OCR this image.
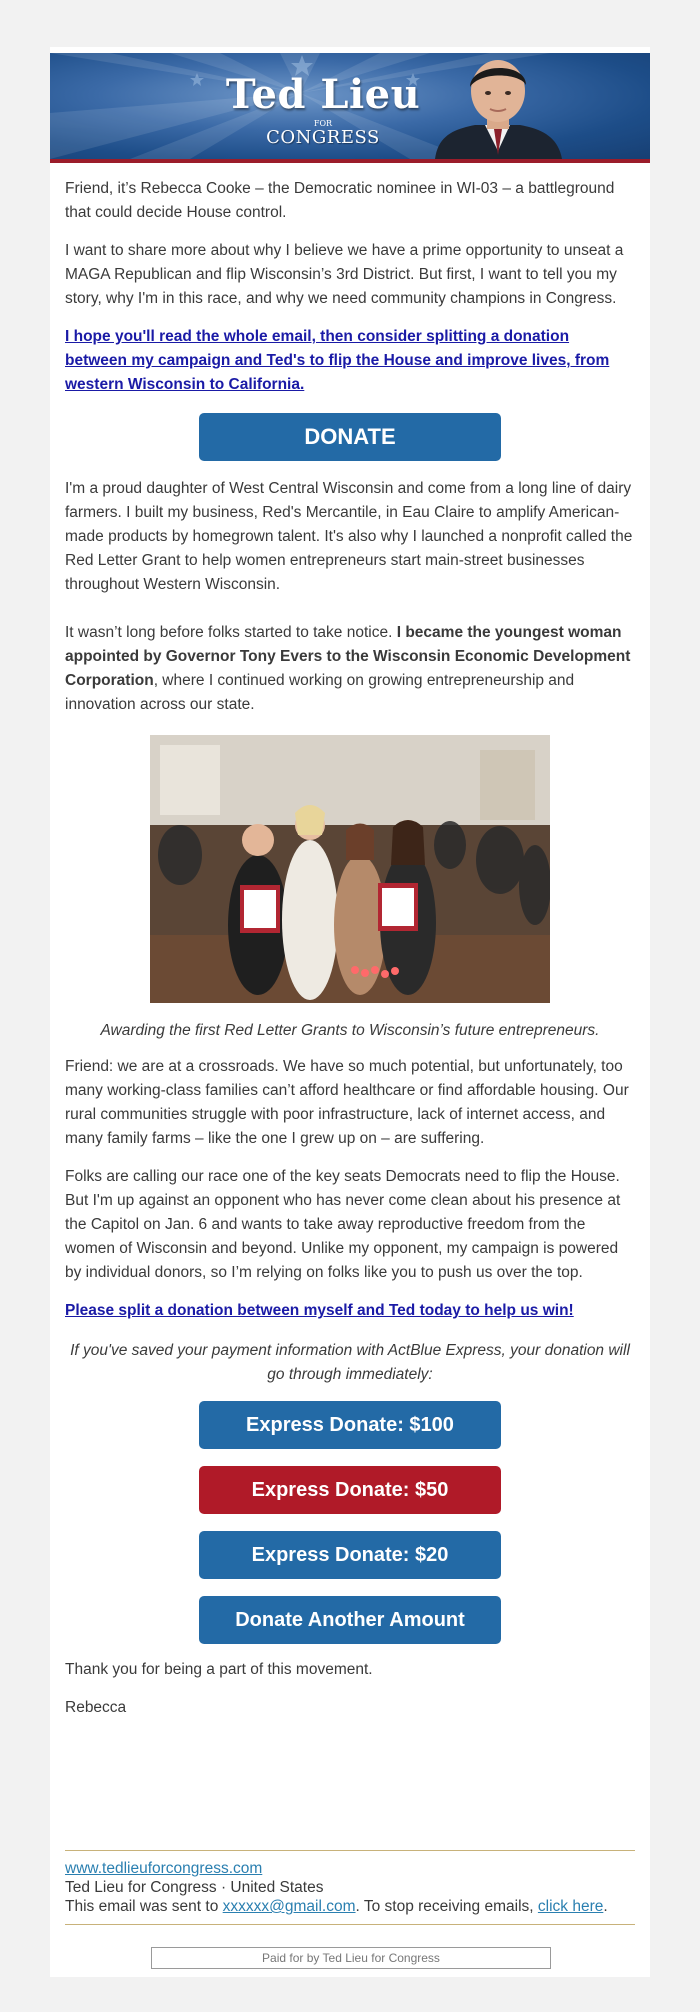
Ted Lieu
FOR
CONGRESS

Friend, it’s Rebecca Cooke – the Democratic nominee in WI-03 – a battleground that could decide House control.

I want to share more about why I believe we have a prime opportunity to unseat a MAGA Republican and flip Wisconsin’s 3rd District. But first, I want to tell you my story, why I'm in this race, and why we need community champions in Congress.

I hope you'll read the whole email, then consider splitting a donation between my campaign and Ted's to flip the House and improve lives, from western Wisconsin to California.

DONATE

I'm a proud daughter of West Central Wisconsin and come from a long line of dairy farmers. I built my business, Red's Mercantile, in Eau Claire to amplify American-made products by homegrown talent. It's also why I launched a nonprofit called the Red Letter Grant to help women entrepreneurs start main-street businesses throughout Western Wisconsin.

It wasn’t long before folks started to take notice. I became the youngest woman appointed by Governor Tony Evers to the Wisconsin Economic Development Corporation, where I continued working on growing entrepreneurship and innovation across our state.

Awarding the first Red Letter Grants to Wisconsin’s future entrepreneurs.

Friend: we are at a crossroads. We have so much potential, but unfortunately, too many working-class families can’t afford healthcare or find affordable housing. Our rural communities struggle with poor infrastructure, lack of internet access, and many family farms – like the one I grew up on – are suffering.

Folks are calling our race one of the key seats Democrats need to flip the House. But I'm up against an opponent who has never come clean about his presence at the Capitol on Jan. 6 and wants to take away reproductive freedom from the women of Wisconsin and beyond. Unlike my opponent, my campaign is powered by individual donors, so I’m relying on folks like you to push us over the top.

Please split a donation between myself and Ted today to help us win!

If you've saved your payment information with ActBlue Express, your donation will go through immediately:

Express Donate: $100
Express Donate: $50
Express Donate: $20
Donate Another Amount

Thank you for being a part of this movement.

Rebecca

www.tedlieuforcongress.com
Ted Lieu for Congress · United States
This email was sent to xxxxxx@gmail.com. To stop receiving emails, click here.
Paid for by Ted Lieu for Congress
